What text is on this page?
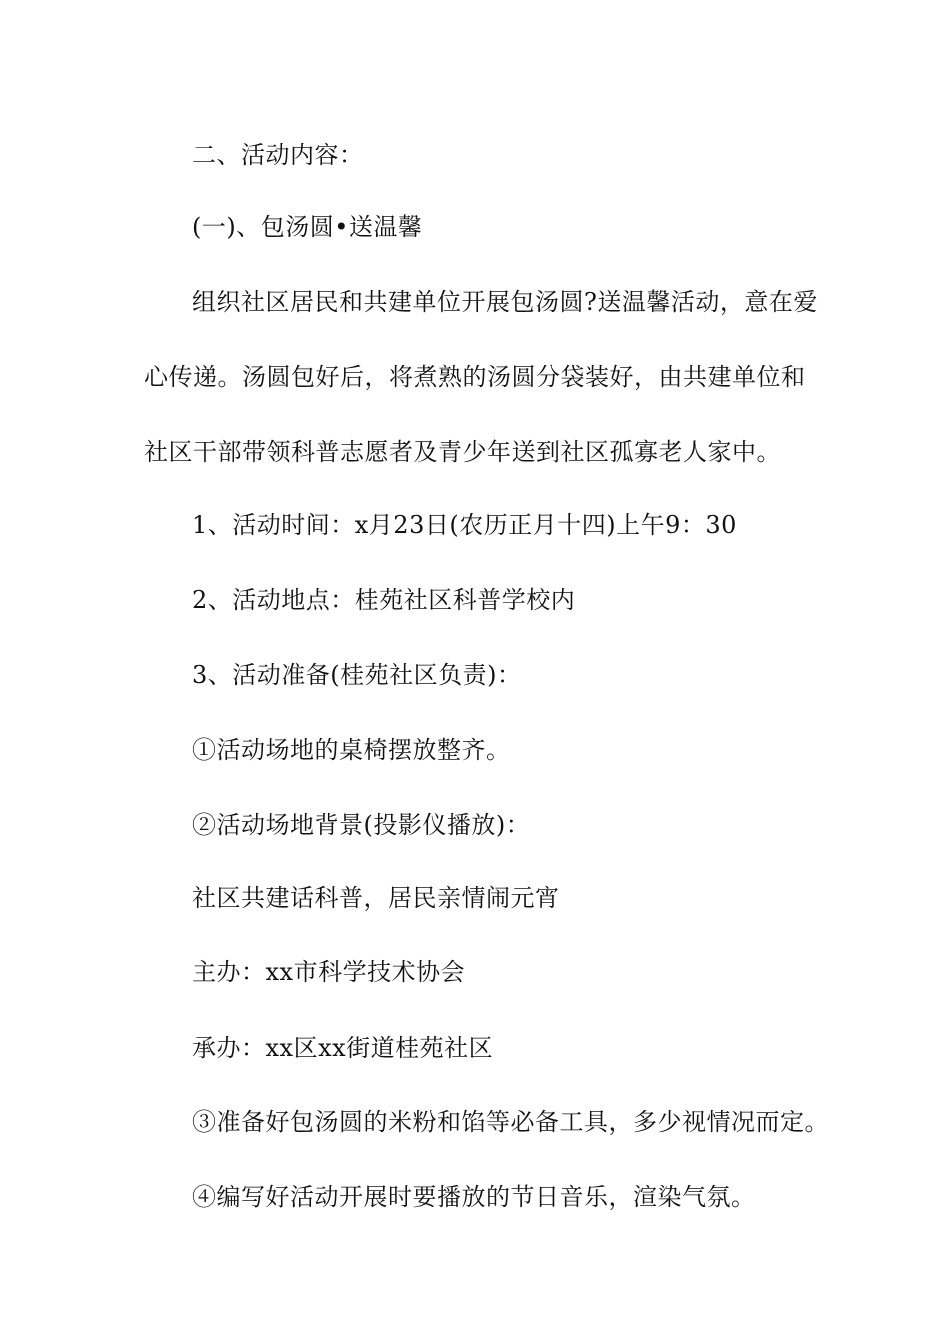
二、活动内容：
(一)、包汤圆•送温馨
组织社区居民和共建单位开展包汤圆?送温馨活动，意在爱
心传递。汤圆包好后，将煮熟的汤圆分袋装好，由共建单位和
社区干部带领科普志愿者及青少年送到社区孤寡老人家中。
1、活动时间：x月23日(农历正月十四)上午9：30
2、活动地点：桂苑社区科普学校内
3、活动准备(桂苑社区负责)：
①活动场地的桌椅摆放整齐。
②活动场地背景(投影仪播放)：
社区共建话科普，居民亲情闹元宵
主办：xx市科学技术协会
承办：xx区xx街道桂苑社区
③准备好包汤圆的米粉和馅等必备工具，多少视情况而定。
④编写好活动开展时要播放的节日音乐，渲染气氛。
